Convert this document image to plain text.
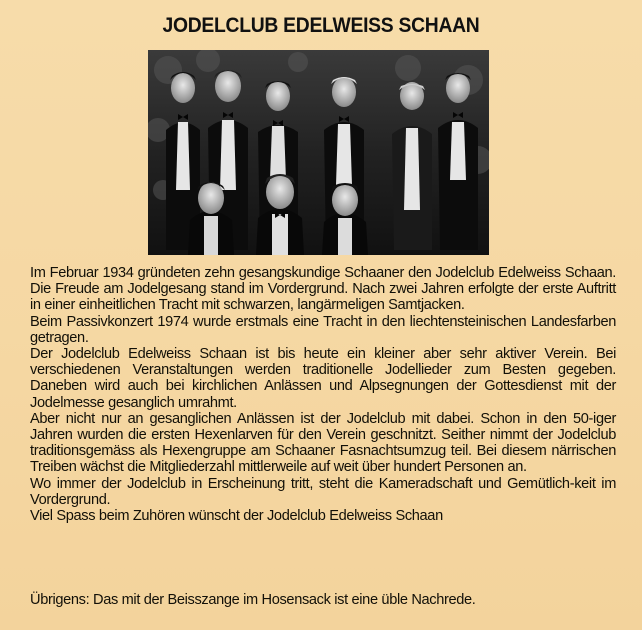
JODELCLUB EDELWEISS SCHAAN

Im Februar 1934 gründeten zehn gesangskundige Schaaner den Jodelclub Edelweiss Schaan. Die Freude am Jodelgesang stand im Vordergrund. Nach zwei Jahren erfolgte der erste Auftritt in einer einheitlichen Tracht mit schwarzen, langärmeligen Samtjacken.

Beim Passivkonzert 1974 wurde erstmals eine Tracht in den liechtensteinischen Landesfarben getragen.

Der Jodelclub Edelweiss Schaan ist bis heute ein kleiner aber sehr aktiver Verein. Bei verschiedenen Veranstaltungen werden traditionelle Jodellieder zum Besten gegeben. Daneben wird auch bei kirchlichen Anlässen und Alpsegnungen der Gottesdienst mit der Jodelmesse gesanglich umrahmt.

Aber nicht nur an gesanglichen Anlässen ist der Jodelclub mit dabei. Schon in den 50-iger Jahren wurden die ersten Hexenlarven für den Verein geschnitzt. Seither nimmt der Jodelclub traditionsgemäss als Hexengruppe am Schaaner Fasnachtsumzug teil. Bei diesem närrischen Treiben wächst die Mitgliederzahl mittlerweile auf weit über hundert Personen an.

Wo immer der Jodelclub in Erscheinung tritt, steht die Kameradschaft und Gemütlich-keit im Vordergrund.

Viel Spass beim Zuhören wünscht der Jodelclub Edelweiss Schaan

Übrigens: Das mit der Beisszange im Hosensack ist eine üble Nachrede.
